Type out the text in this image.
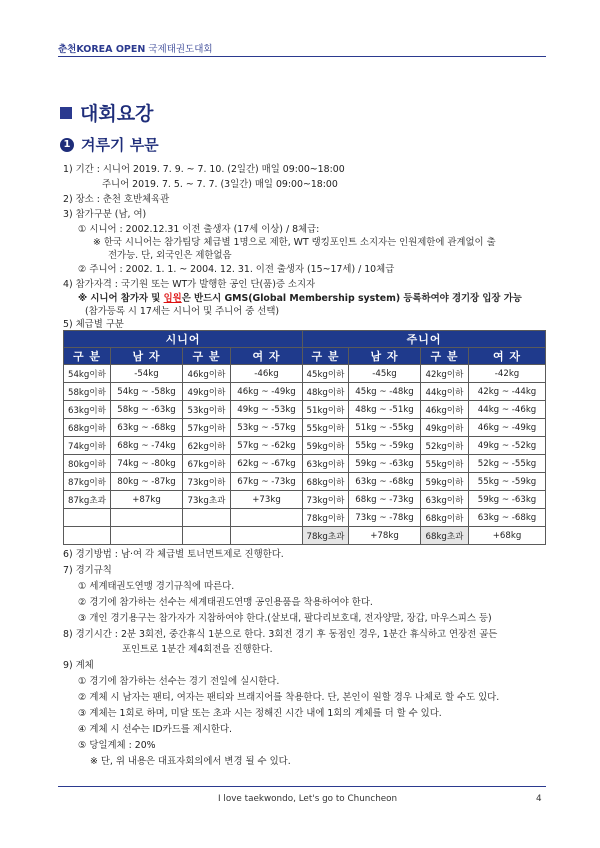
춘천KOREA OPEN 국제태권도대회
대회요강
1 겨루기 부문
1) 기간 : 시니어 2019. 7. 9. ~ 7. 10. (2일간) 매일 09:00~18:00
주니어 2019. 7. 5. ~ 7. 7. (3일간) 매일 09:00~18:00
2) 장소 : 춘천 호반체육관
3) 참가구분 (남, 여)
① 시니어 : 2002.12.31 이전 출생자 (17세 이상) / 8체급:
※ 한국 시니어는 참가팀당 체급별 1명으로 제한, WT 랭킹포인트 소지자는 인원제한에 관계없이 출
전가능. 단, 외국인은 제한없음
② 주니어 : 2002. 1. 1. ~ 2004. 12. 31. 이전 출생자 (15~17세) / 10체급
4) 참가자격 : 국기원 또는 WT가 발행한 공인 단(품)증 소지자
※ 시니어 참가자 및 임원은 반드시 GMS(Global Membership system) 등록하여야 경기장 입장 가능
(참가등록 시 17세는 시니어 및 주니어 중 선택)
5) 체급별 구분
시니어				주니어			
구 분	남 자	구 분	여 자	구 분	남 자	구 분	여 자
54kg이하	-54kg	46kg이하	-46kg	45kg이하	-45kg	42kg이하	-42kg
58kg이하	54kg ~ -58kg	49kg이하	46kg ~ -49kg	48kg이하	45kg ~ -48kg	44kg이하	42kg ~ -44kg
63kg이하	58kg ~ -63kg	53kg이하	49kg ~ -53kg	51kg이하	48kg ~ -51kg	46kg이하	44kg ~ -46kg
68kg이하	63kg ~ -68kg	57kg이하	53kg ~ -57kg	55kg이하	51kg ~ -55kg	49kg이하	46kg ~ -49kg
74kg이하	68kg ~ -74kg	62kg이하	57kg ~ -62kg	59kg이하	55kg ~ -59kg	52kg이하	49kg ~ -52kg
80kg이하	74kg ~ -80kg	67kg이하	62kg ~ -67kg	63kg이하	59kg ~ -63kg	55kg이하	52kg ~ -55kg
87kg이하	80kg ~ -87kg	73kg이하	67kg ~ -73kg	68kg이하	63kg ~ -68kg	59kg이하	55kg ~ -59kg
87kg초과	+87kg	73kg초과	+73kg	73kg이하	68kg ~ -73kg	63kg이하	59kg ~ -63kg
				78kg이하	73kg ~ -78kg	68kg이하	63kg ~ -68kg
				78kg초과	+78kg	68kg초과	+68kg
6) 경기방법 : 남·여 각 체급별 토너먼트제로 진행한다.
7) 경기규칙
① 세계태권도연맹 경기규칙에 따른다.
② 경기에 참가하는 선수는 세계태권도연맹 공인용품을 착용하여야 한다.
③ 개인 경기용구는 참가자가 지참하여야 한다.(샅보대, 팔다리보호대, 전자양말, 장갑, 마우스피스 등)
8) 경기시간 : 2분 3회전, 중간휴식 1분으로 한다. 3회전 경기 후 동점인 경우, 1분간 휴식하고 연장전 골든
포인트로 1분간 제4회전을 진행한다.
9) 계체
① 경기에 참가하는 선수는 경기 전일에 실시한다.
② 계체 시 남자는 팬티, 여자는 팬티와 브래지어를 착용한다. 단, 본인이 원할 경우 나체로 할 수도 있다.
③ 계체는 1회로 하며, 미달 또는 초과 시는 정해진 시간 내에 1회의 계체를 더 할 수 있다.
④ 계체 시 선수는 ID카드를 제시한다.
⑤ 당일계체 : 20%
※ 단, 위 내용은 대표자회의에서 변경 될 수 있다.
I love taekwondo, Let's go to Chuncheon	4
